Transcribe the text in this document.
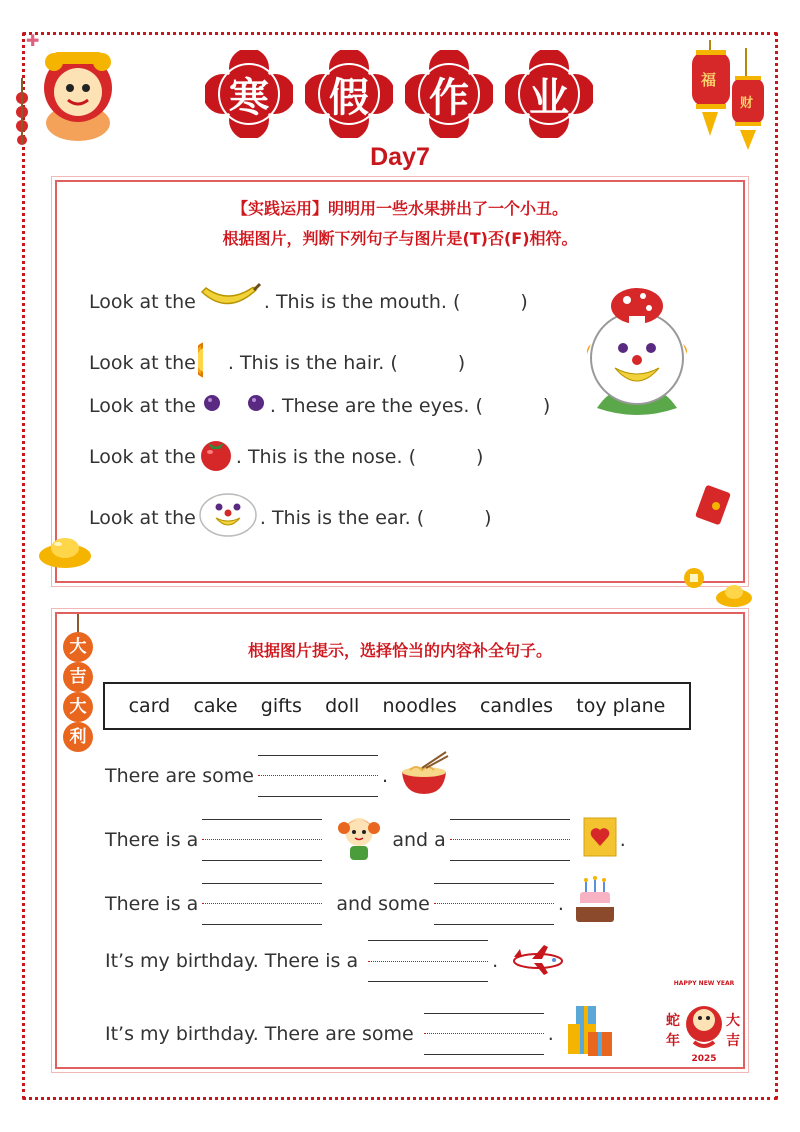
✚
福
财
寒 假 作 业
Day7
【实践运用】明明用一些水果拼出了一个小丑。
根据图片，判断下列句子与图片是(T)否(F)相符。
Look at the	. This is the mouth. (	)
Look at the . This is the hair. (	)
Look at the	. These are the eyes. (	)
Look at the . This is the nose. (	)
Look at the	. This is the ear. (	)
根据图片提示，选择恰当的内容补全句子。
card cake gifts doll noodles candles toy plane
There are some	.
There is a	and a	.
There is a	and some	.
It’s my birthday. There is a	.
It’s my birthday. There are some	.
大
吉
大
利
HAPPY NEW YEAR
蛇	大
年	吉
2025
